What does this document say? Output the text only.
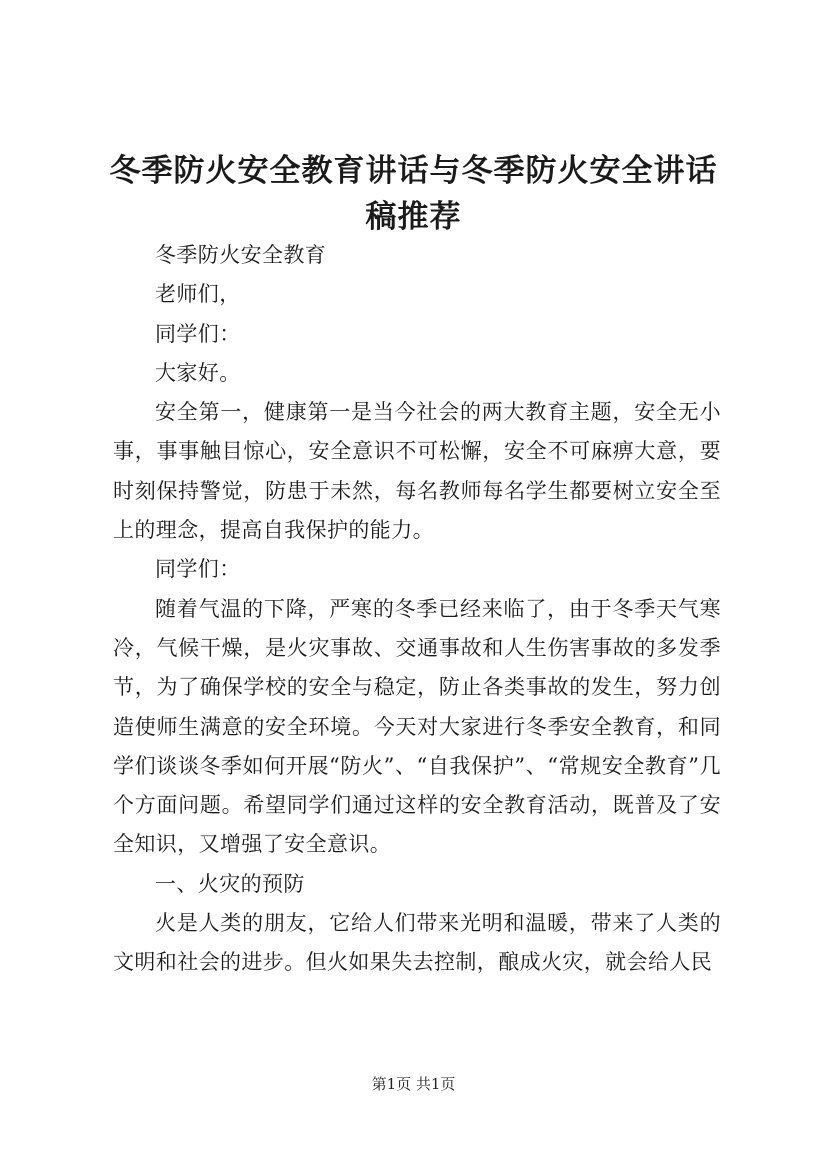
冬季防火安全教育讲话与冬季防火安全讲话稿推荐

冬季防火安全教育

老师们，

同学们：

大家好。

安全第一，健康第一是当今社会的两大教育主题，安全无小事，事事触目惊心，安全意识不可松懈，安全不可麻痹大意，要时刻保持警觉，防患于未然，每名教师每名学生都要树立安全至上的理念，提高自我保护的能力。

同学们：

随着气温的下降，严寒的冬季已经来临了，由于冬季天气寒冷，气候干燥，是火灾事故、交通事故和人生伤害事故的多发季节，为了确保学校的安全与稳定，防止各类事故的发生，努力创造使师生满意的安全环境。今天对大家进行冬季安全教育，和同学们谈谈冬季如何开展“防火”、“自我保护”、“常规安全教育”几个方面问题。希望同学们通过这样的安全教育活动，既普及了安全知识，又增强了安全意识。

一、火灾的预防

火是人类的朋友，它给人们带来光明和温暖，带来了人类的文明和社会的进步。但火如果失去控制，酿成火灾，就会给人民

第1页 共1页
